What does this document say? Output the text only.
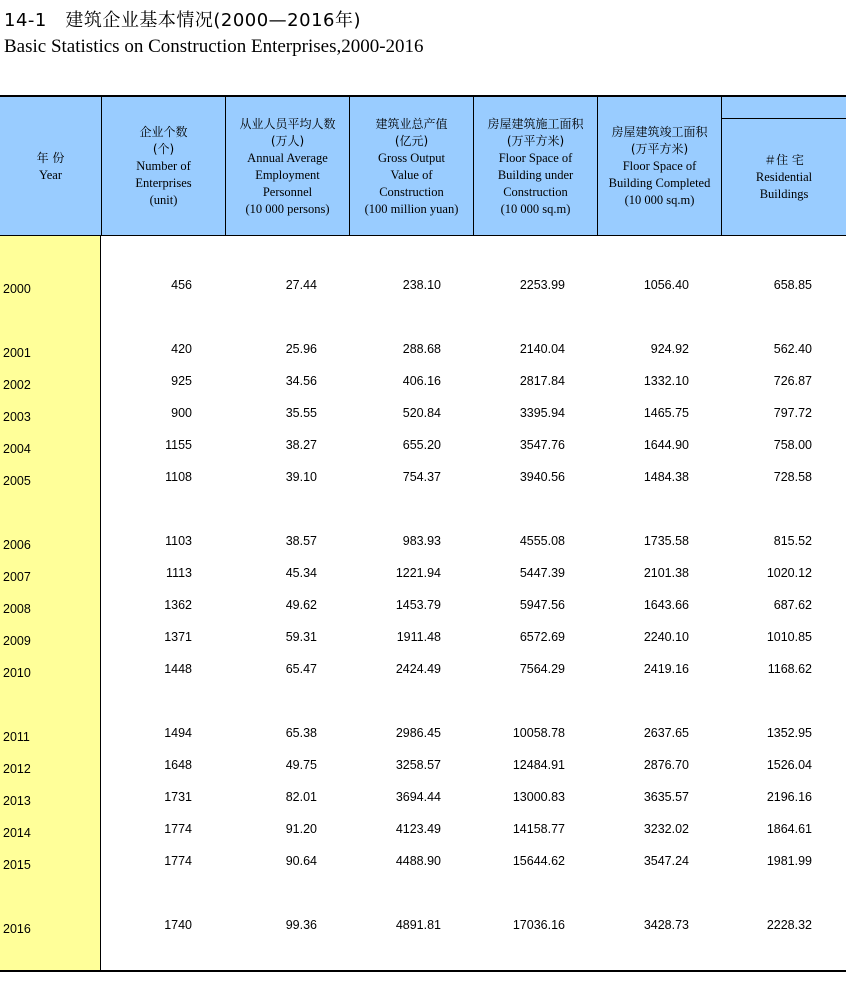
14-1　建筑企业基本情况(2000—2016年)
Basic Statistics on Construction Enterprises,2000-2016
年 份
Year
企业个数
(个)
Number of
Enterprises
(unit)
从业人员平均人数
(万人)
Annual Average
Employment
Personnel
(10 000 persons)
建筑业总产值
(亿元)
Gross Output
Value of
Construction
(100 million yuan)
房屋建筑施工面积
(万平方米)
Floor Space of
Building under
Construction
(10 000 sq.m)
房屋建筑竣工面积
(万平方米)
Floor Space of
Building Completed
(10 000 sq.m)
＃住 宅
Residential
Buildings
2000	456	27.44	238.10	2253.99	1056.40	658.85
2001	420	25.96	288.68	2140.04	924.92	562.40
2002	925	34.56	406.16	2817.84	1332.10	726.87
2003	900	35.55	520.84	3395.94	1465.75	797.72
2004	1155	38.27	655.20	3547.76	1644.90	758.00
2005	1108	39.10	754.37	3940.56	1484.38	728.58
2006	1103	38.57	983.93	4555.08	1735.58	815.52
2007	1113	45.34	1221.94	5447.39	2101.38	1020.12
2008	1362	49.62	1453.79	5947.56	1643.66	687.62
2009	1371	59.31	1911.48	6572.69	2240.10	1010.85
2010	1448	65.47	2424.49	7564.29	2419.16	1168.62
2011	1494	65.38	2986.45	10058.78	2637.65	1352.95
2012	1648	49.75	3258.57	12484.91	2876.70	1526.04
2013	1731	82.01	3694.44	13000.83	3635.57	2196.16
2014	1774	91.20	4123.49	14158.77	3232.02	1864.61
2015	1774	90.64	4488.90	15644.62	3547.24	1981.99
2016	1740	99.36	4891.81	17036.16	3428.73	2228.32
